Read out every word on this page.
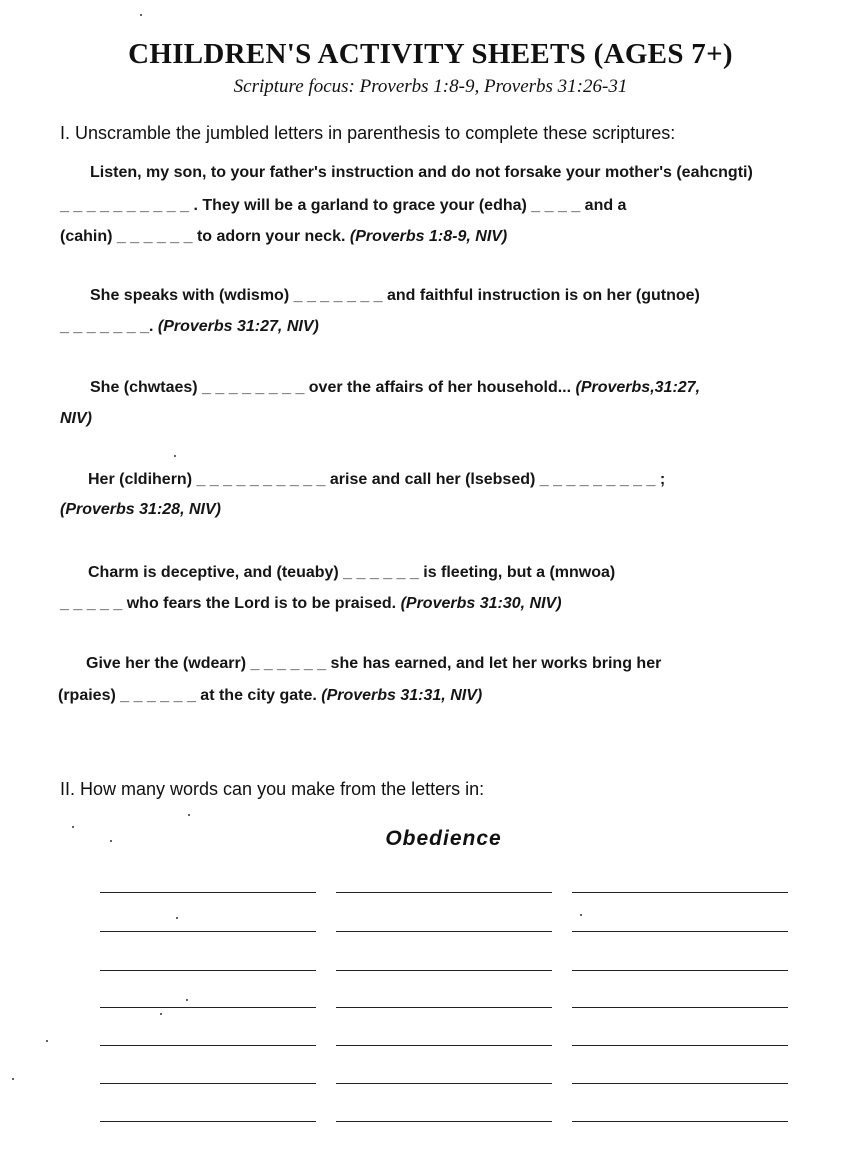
CHILDREN'S ACTIVITY SHEETS (AGES 7+)
Scripture focus: Proverbs 1:8-9, Proverbs 31:26-31
I. Unscramble the jumbled letters in parenthesis to complete these scriptures:
Listen, my son, to your father's instruction and do not forsake your mother's (eahcngti)
_ _ _ _ _ _ _ _ _ _ . They will be a garland to grace your (edha) _ _ _ _ and a
(cahin) _ _ _ _ _ _ to adorn your neck. (Proverbs 1:8-9, NIV)
She speaks with (wdismo) _ _ _ _ _ _ _ and faithful instruction is on her (gutnoe)
_ _ _ _ _ _ _. (Proverbs 31:27, NIV)
She (chwtaes) _ _ _ _ _ _ _ _ over the affairs of her household... (Proverbs,31:27,
NIV)
Her (cldihern) _ _ _ _ _ _ _ _ _ _ arise and call her (lsebsed) _ _ _ _ _ _ _ _ _ ;
(Proverbs 31:28, NIV)
Charm is deceptive, and (teuaby) _ _ _ _ _ _ is fleeting, but a (mnwoa)
_ _ _ _ _ who fears the Lord is to be praised. (Proverbs 31:30, NIV)
Give her the (wdearr) _ _ _ _ _ _ she has earned, and let her works bring her
(rpaies) _ _ _ _ _ _ at the city gate. (Proverbs 31:31, NIV)
II. How many words can you make from the letters in:
Obedience
